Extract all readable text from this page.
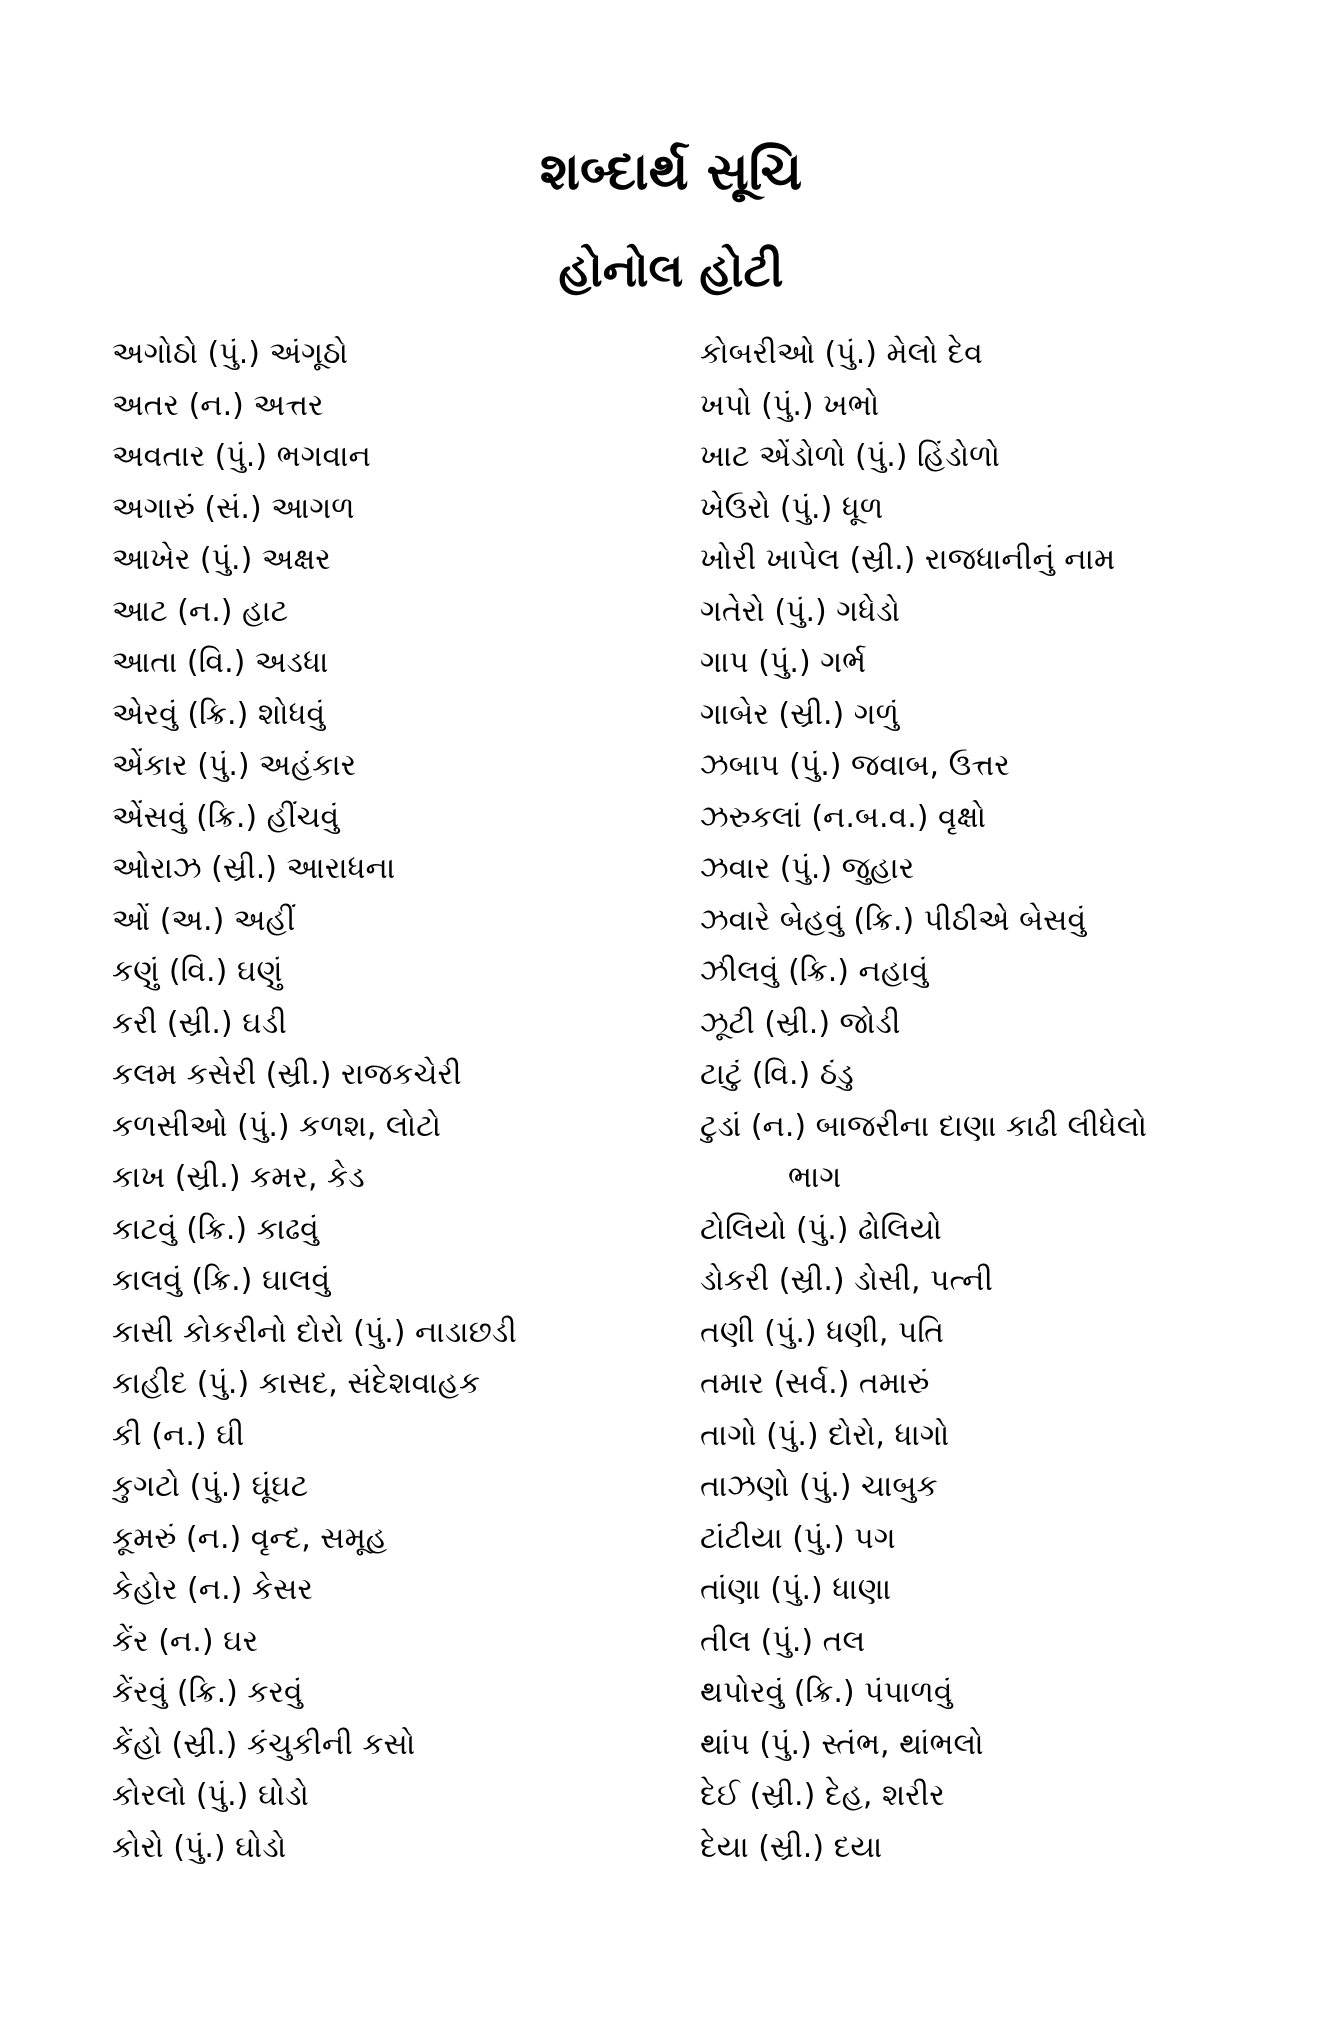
શબ્દાર્થ સૂચિ
હોનોલ હોટી
અગોઠો (પું.) અંગૂઠો
અતર (ન.) અત્તર
અવતાર (પું.) ભગવાન
અગારું (સં.) આગળ
આખેર (પું.) અક્ષર
આટ (ન.) હાટ
આતા (વિ.) અડધા
એરવું (ક્રિ.) શોધવું
એંકાર (પું.) અહંકાર
એંસવું (ક્રિ.) હીંચવું
ઓરાઝ (સ્રી.) આરાધના
ઓં (અ.) અહીં
કણું (વિ.) ઘણું
કરી (સ્રી.) ઘડી
કલમ કસેરી (સ્રી.) રાજકચેરી
કળસીઓ (પું.) કળશ, લોટો
કાખ (સ્રી.) કમર, કેડ
કાટવું (ક્રિ.) કાઢવું
કાલવું (ક્રિ.) ઘાલવું
કાસી કોકરીનો દોરો (પું.) નાડાછડી
કાહીદ (પું.) કાસદ, સંદેશવાહક
કી (ન.) ઘી
કુગટો (પું.) ઘૂંઘટ
કૂમરું (ન.) વૃન્દ, સમૂહ
કેહોર (ન.) કેસર
કેંર (ન.) ઘર
કેંરવું (ક્રિ.) કરવું
કેંહો (સ્રી.) કંચુકીની કસો
કોરલો (પું.) ઘોડો
કોરો (પું.) ઘોડો
કોબરીઓ (પું.) મેલો દેવ
ખપો (પું.) ખભો
ખાટ એંડોળો (પું.) હિંડોળો
ખેઉરો (પું.) ધૂળ
ખોરી ખાપેલ (સ્રી.) રાજધાનીનું નામ
ગતેરો (પું.) ગધેડો
ગાપ (પું.) ગર્ભ
ગાબેર (સ્રી.) ગળું
ઝબાપ (પું.) જવાબ, ઉત્તર
ઝરુકલાં (ન.બ.વ.) વૃક્ષો
ઝવાર (પું.) જુહાર
ઝવારે બેહવું (ક્રિ.) પીઠીએ બેસવું
ઝીલવું (ક્રિ.) નહાવું
ઝૂટી (સ્રી.) જોડી
ટાટું (વિ.) ઠંડુ
ટુડાં (ન.) બાજરીના દાણા કાઢી લીધેલો
ભાગ
ટોલિયો (પું.) ઢોલિયો
ડોકરી (સ્રી.) ડોસી, પત્ની
તણી (પું.) ધણી, પતિ
તમાર (સર્વ.) તમારું
તાગો (પું.) દોરો, ધાગો
તાઝણો (પું.) ચાબુક
ટાંટીયા (પું.) પગ
તાંણા (પું.) ધાણા
તીલ (પું.) તલ
થપોરવું (ક્રિ.) પંપાળવું
થાંપ (પું.) સ્તંભ, થાંભલો
દેઈ (સ્રી.) દેહ, શરીર
દેયા (સ્રી.) દયા
